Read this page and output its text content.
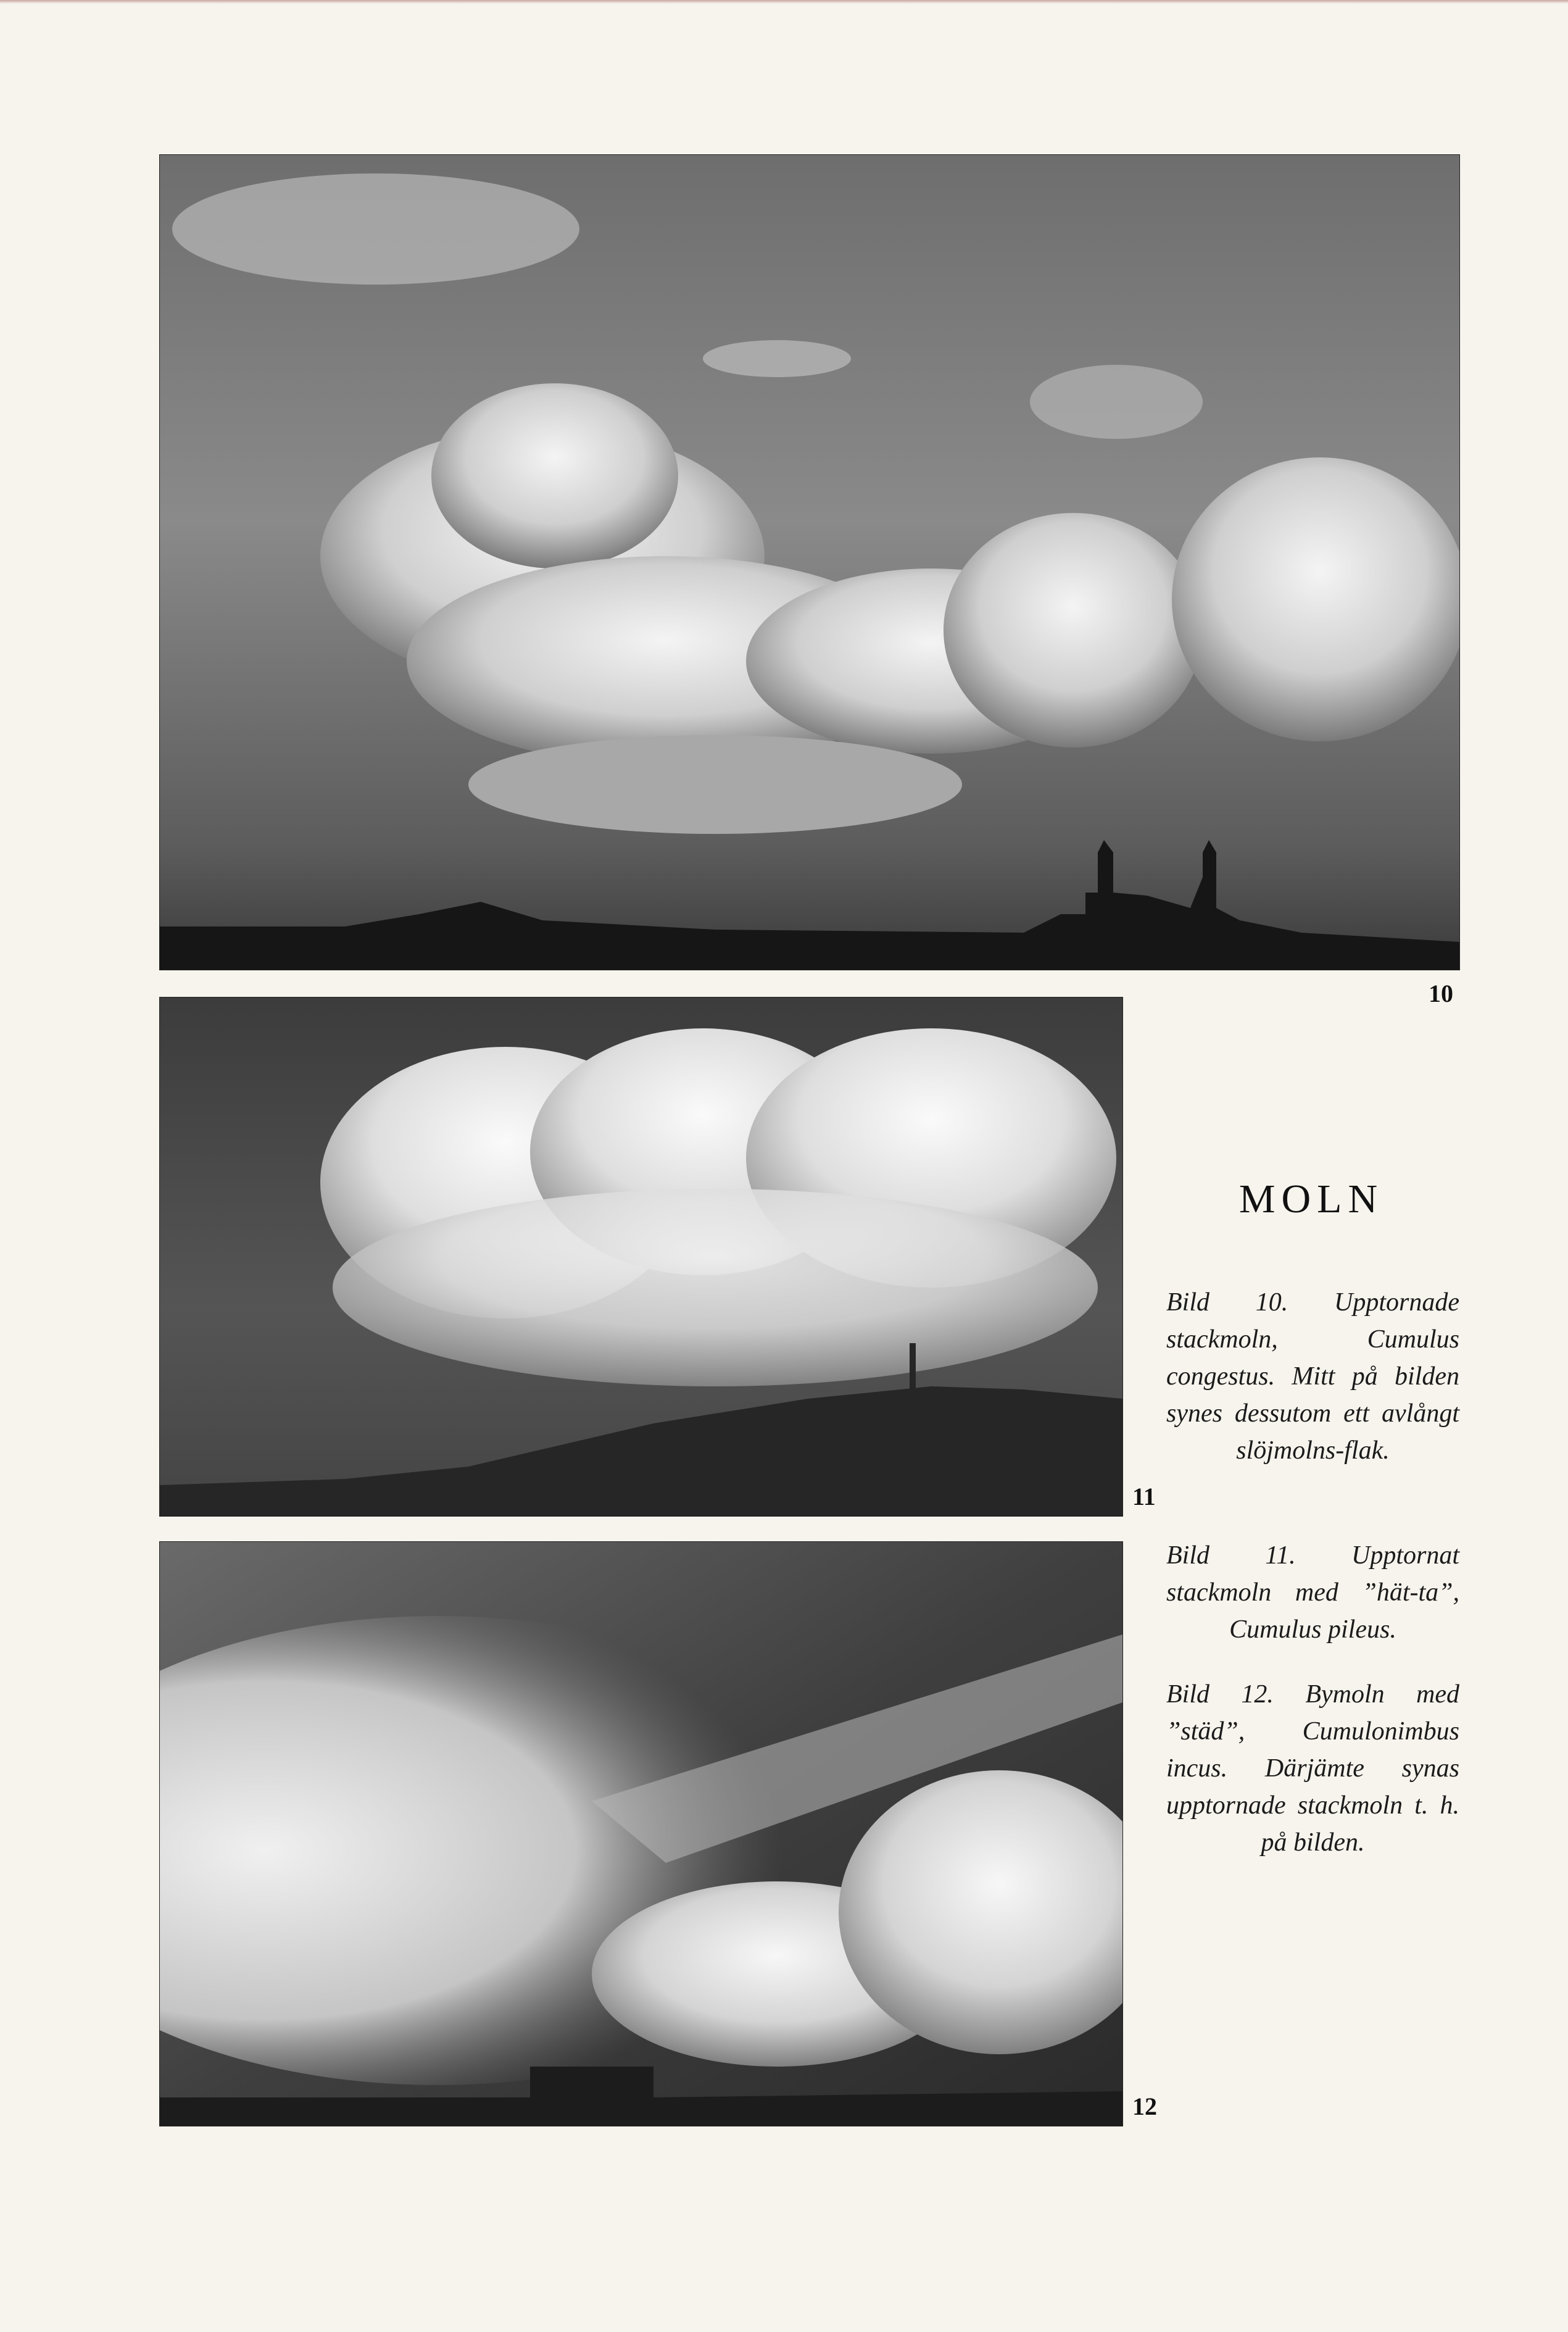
10
11
12
MOLN
Bild 10. Upptornade stackmoln, Cumulus congestus. Mitt på bilden synes dessutom ett avlångt slöjmolns-flak.
Bild 11. Upptornat stackmoln med ”hät-ta”, Cumulus pileus.
Bild 12. Bymoln med ”städ”, Cumulonimbus incus. Därjämte synas upptornade stackmoln t. h. på bilden.
